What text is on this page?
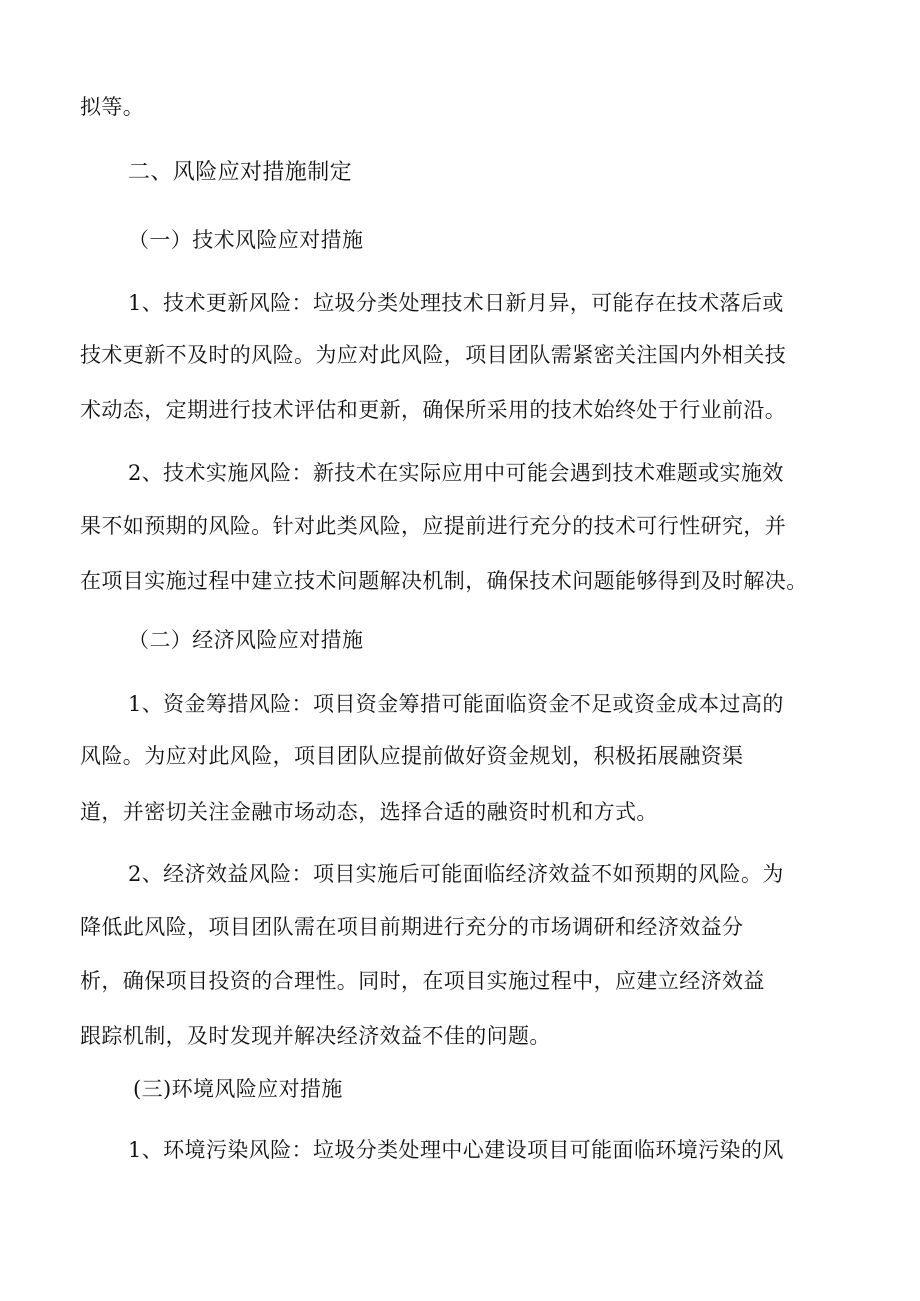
拟等。
二、风险应对措施制定
（一）技术风险应对措施
1、技术更新风险：垃圾分类处理技术日新月异，可能存在技术落后或
技术更新不及时的风险。为应对此风险，项目团队需紧密关注国内外相关技
术动态，定期进行技术评估和更新，确保所采用的技术始终处于行业前沿。
2、技术实施风险：新技术在实际应用中可能会遇到技术难题或实施效
果不如预期的风险。针对此类风险，应提前进行充分的技术可行性研究，并
在项目实施过程中建立技术问题解决机制，确保技术问题能够得到及时解决。
（二）经济风险应对措施
1、资金筹措风险：项目资金筹措可能面临资金不足或资金成本过高的
风险。为应对此风险，项目团队应提前做好资金规划，积极拓展融资渠
道，并密切关注金融市场动态，选择合适的融资时机和方式。
2、经济效益风险：项目实施后可能面临经济效益不如预期的风险。为
降低此风险，项目团队需在项目前期进行充分的市场调研和经济效益分
析，确保项目投资的合理性。同时，在项目实施过程中，应建立经济效益
跟踪机制，及时发现并解决经济效益不佳的问题。
(三)环境风险应对措施
1、环境污染风险：垃圾分类处理中心建设项目可能面临环境污染的风
